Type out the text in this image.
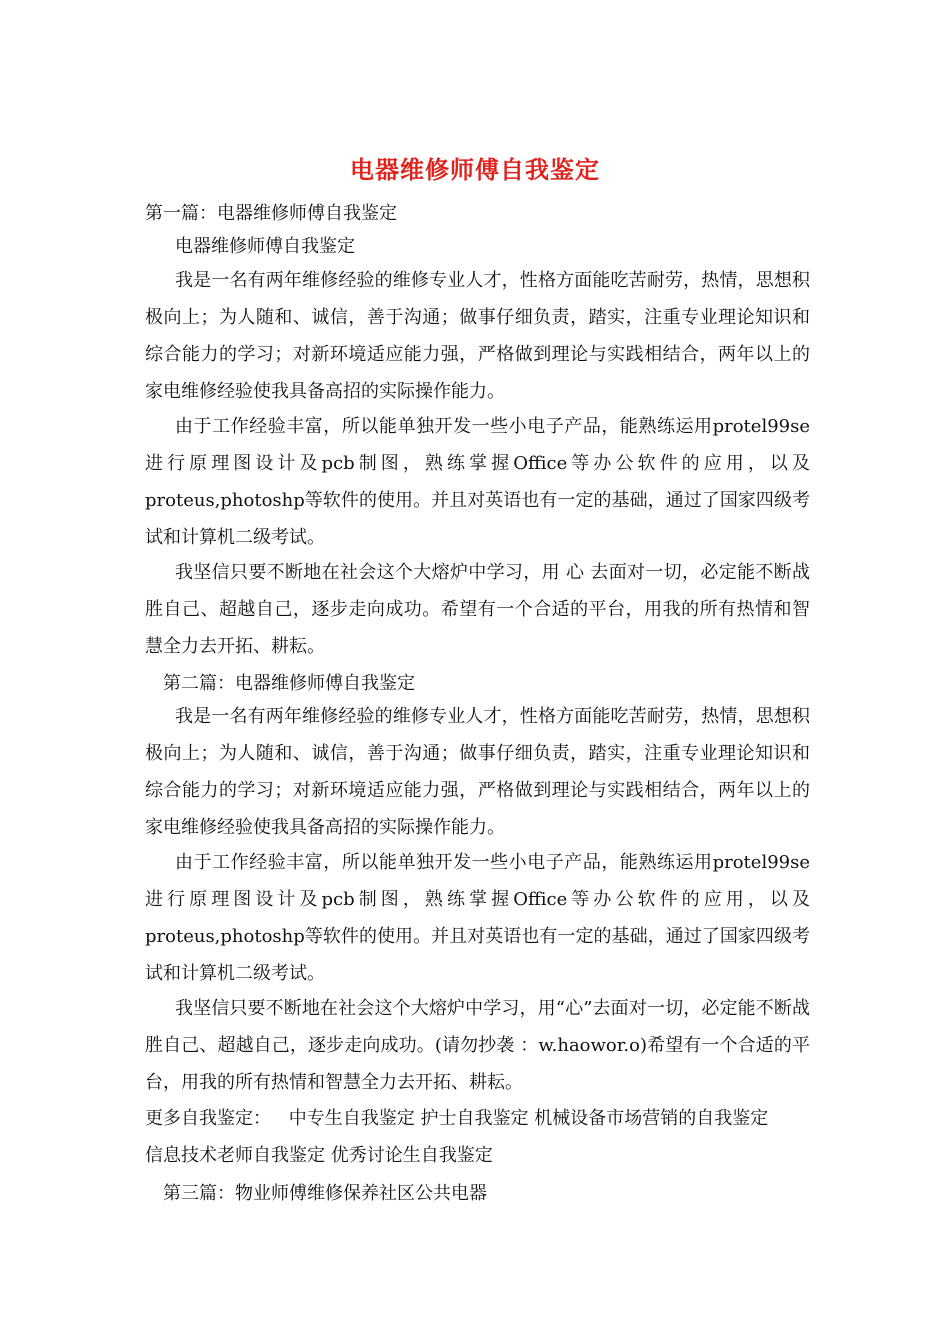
电器维修师傅自我鉴定
第一篇：电器维修师傅自我鉴定
电器维修师傅自我鉴定

我是一名有两年维修经验的维修专业人才，性格方面能吃苦耐劳，热情，思想积极向上；为人随和、诚信，善于沟通；做事仔细负责，踏实，注重专业理论知识和综合能力的学习；对新环境适应能力强，严格做到理论与实践相结合，两年以上的家电维修经验使我具备高招的实际操作能力。

由于工作经验丰富，所以能单独开发一些小电子产品，能熟练运用protel99se进行原理图设计及pcb制图，熟练掌握Office等办公软件的应用，以及proteus,photoshp等软件的使用。并且对英语也有一定的基础，通过了国家四级考试和计算机二级考试。

我坚信只要不断地在社会这个大熔炉中学习，用 心 去面对一切，必定能不断战胜自己、超越自己，逐步走向成功。希望有一个合适的平台，用我的所有热情和智慧全力去开拓、耕耘。

第二篇：电器维修师傅自我鉴定

我是一名有两年维修经验的维修专业人才，性格方面能吃苦耐劳，热情，思想积极向上；为人随和、诚信，善于沟通；做事仔细负责，踏实，注重专业理论知识和综合能力的学习；对新环境适应能力强，严格做到理论与实践相结合，两年以上的家电维修经验使我具备高招的实际操作能力。

由于工作经验丰富，所以能单独开发一些小电子产品，能熟练运用protel99se进行原理图设计及pcb制图，熟练掌握Office等办公软件的应用，以及proteus,photoshp等软件的使用。并且对英语也有一定的基础，通过了国家四级考试和计算机二级考试。

我坚信只要不断地在社会这个大熔炉中学习，用“心”去面对一切，必定能不断战胜自己、超越自己，逐步走向成功。(请勿抄袭 ：w.haowor.o)希望有一个合适的平台，用我的所有热情和智慧全力去开拓、耕耘。

更多自我鉴定： 中专生自我鉴定 护士自我鉴定 机械设备市场营销的自我鉴定
信息技术老师自我鉴定 优秀讨论生自我鉴定
第三篇：物业师傅维修保养社区公共电器
